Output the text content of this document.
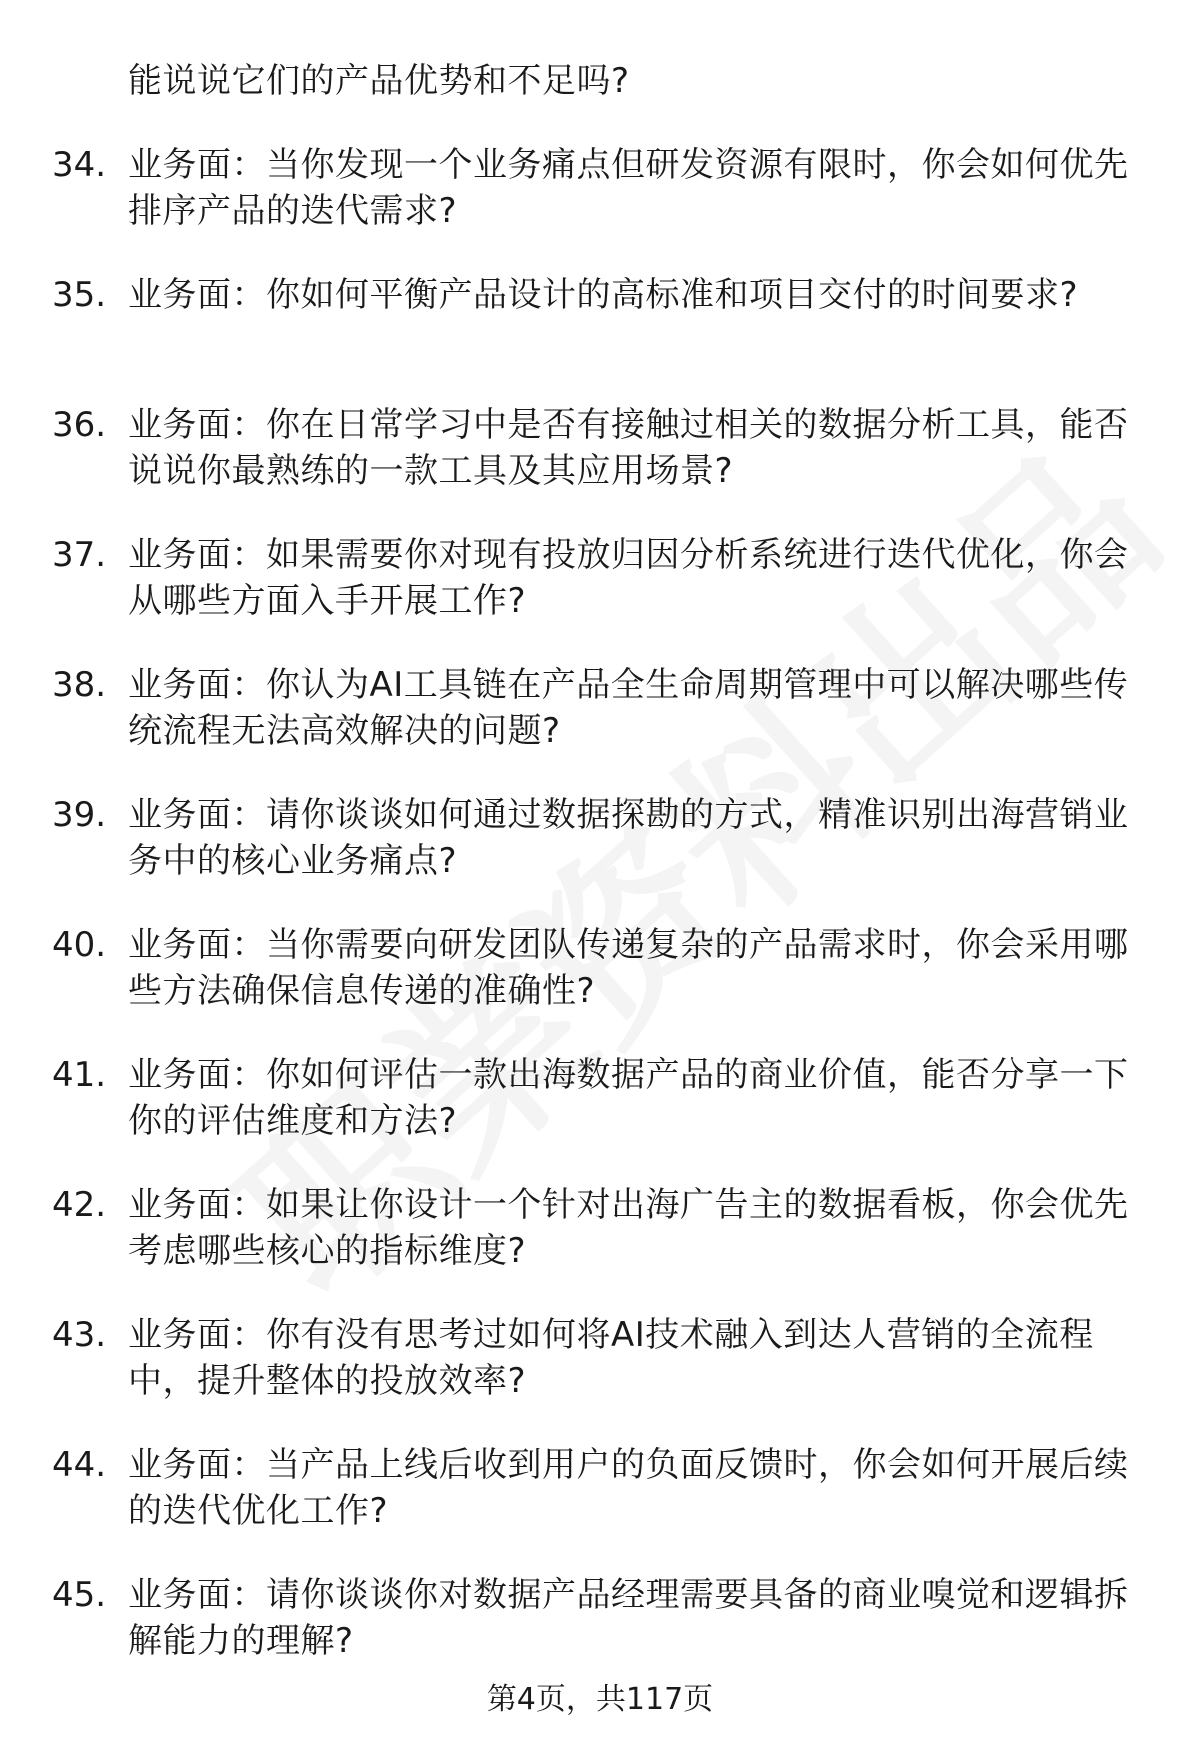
能说说它们的产品优势和不足吗?
34. 业务面：当你发现一个业务痛点但研发资源有限时，你会如何优先排序产品的迭代需求?
35. 业务面：你如何平衡产品设计的高标准和项目交付的时间要求?
36. 业务面：你在日常学习中是否有接触过相关的数据分析工具，能否说说你最熟练的一款工具及其应用场景?
37. 业务面：如果需要你对现有投放归因分析系统进行迭代优化，你会从哪些方面入手开展工作?
38. 业务面：你认为AI工具链在产品全生命周期管理中可以解决哪些传统流程无法高效解决的问题?
39. 业务面：请你谈谈如何通过数据探勘的方式，精准识别出海营销业务中的核心业务痛点?
40. 业务面：当你需要向研发团队传递复杂的产品需求时，你会采用哪些方法确保信息传递的准确性?
41. 业务面：你如何评估一款出海数据产品的商业价值，能否分享一下你的评估维度和方法?
42. 业务面：如果让你设计一个针对出海广告主的数据看板，你会优先考虑哪些核心的指标维度?
43. 业务面：你有没有思考过如何将AI技术融入到达人营销的全流程中，提升整体的投放效率?
44. 业务面：当产品上线后收到用户的负面反馈时，你会如何开展后续的迭代优化工作?
45. 业务面：请你谈谈你对数据产品经理需要具备的商业嗅觉和逻辑拆解能力的理解?
第4页，共117页
